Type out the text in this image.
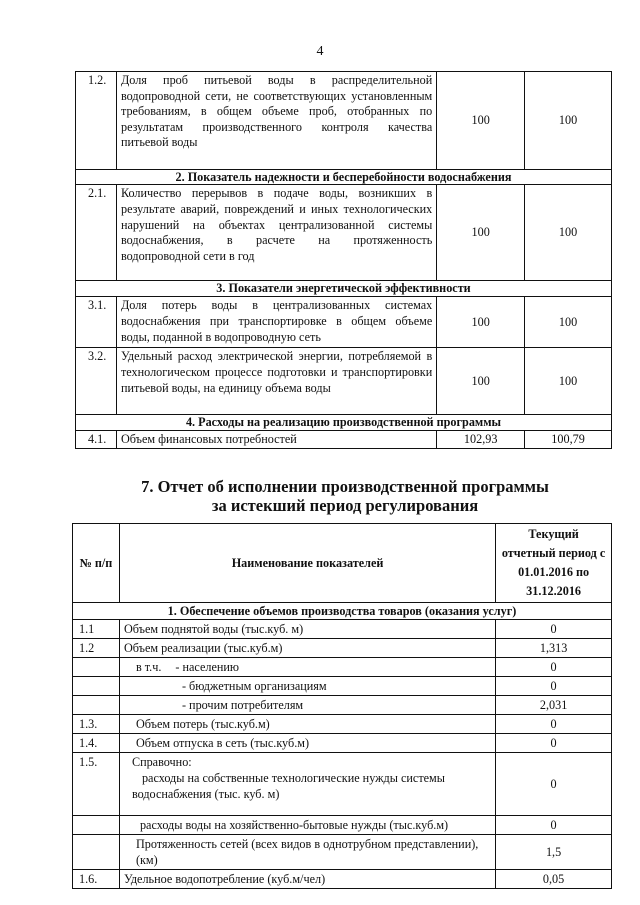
4
1.2.	Доля проб питьевой воды в распределительной водопроводной сети, не соответствующих установленным требованиям, в общем объеме проб, отобранных по результатам производственного контроля качества питьевой воды	100	100
2. Показатель надежности и бесперебойности водоснабжения			
2.1.	Количество перерывов в подаче воды, возникших в результате аварий, повреждений и иных технологических нарушений на объектах централизованной системы водоснабжения, в расчете на протяженность водопроводной сети в год	100	100
3. Показатели энергетической эффективности			
3.1.	Доля потерь воды в централизованных системах водоснабжения при транспортировке в общем объеме воды, поданной в водопроводную сеть	100	100
3.2.	Удельный расход электрической энергии, потребляемой в технологическом процессе подготовки и транспортировки питьевой воды, на единицу объема воды	100	100
4. Расходы на реализацию производственной программы			
4.1.	Объем финансовых потребностей	102,93	100,79
7. Отчет об исполнении производственной программы
за истекший период регулирования
№ п/п	Наименование показателей	Текущий отчетный период с 01.01.2016 по 31.12.2016
1. Обеспечение объемов производства товаров (оказания услуг)		
1.1	Объем поднятой воды (тыс.куб. м)	0
1.2	Объем реализации (тыс.куб.м)	1,313
	в т.ч. - населению	0
	- бюджетным организациям	0
	- прочим потребителям	2,031
1.3.	Объем потерь (тыс.куб.м)	0
1.4.	Объем отпуска в сеть (тыс.куб.м)	0
1.5.	Справочно:
расходы на собственные технологические нужды системы
водоснабжения (тыс. куб. м)	0
	расходы воды на хозяйственно-бытовые нужды (тыс.куб.м)	0
	Протяженность сетей (всех видов в однотрубном представлении), (км)	1,5
1.6.	Удельное водопотребление (куб.м/чел)	0,05
